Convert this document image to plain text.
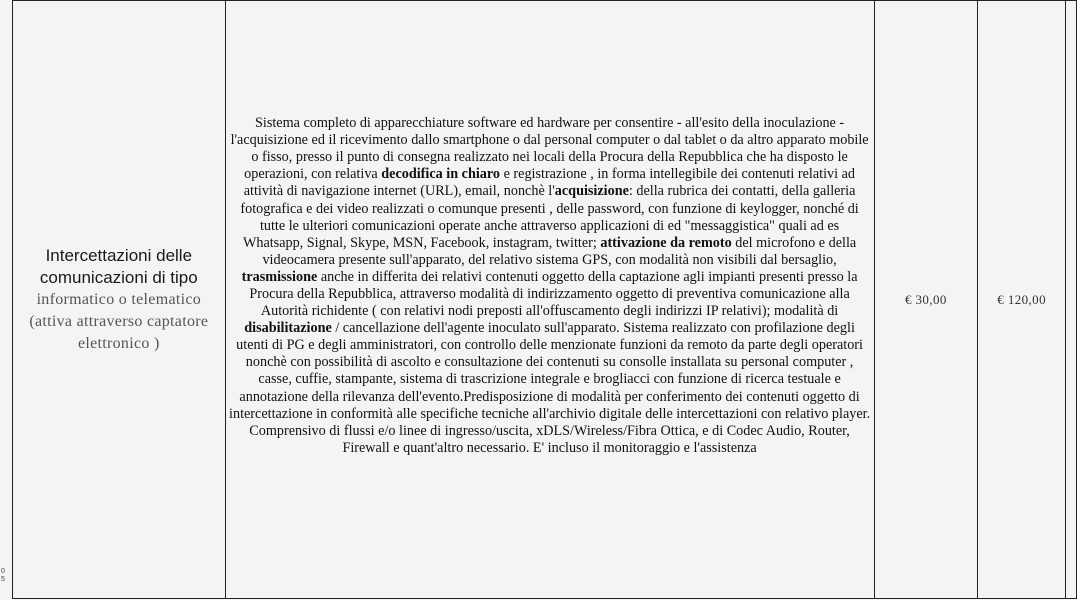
Intercettazioni delle comunicazioni di tipo
informatico o telematico (attiva attraverso captatore elettronico )

Sistema completo di apparecchiature software ed hardware per consentire - all'esito della inoculazione - l'acquisizione ed il ricevimento dallo smartphone o dal personal computer o dal tablet o da altro apparato mobile o fisso, presso il punto di consegna realizzato nei locali della Procura della Repubblica che ha disposto le operazioni, con relativa decodifica in chiaro e registrazione , in forma intellegibile dei contenuti relativi ad attività di navigazione internet (URL), email, nonchè l'acquisizione: della rubrica dei contatti, della galleria fotografica e dei video realizzati o comunque presenti , delle password, con funzione di keylogger, nonché di tutte le ulteriori comunicazioni operate anche attraverso applicazioni di ed "messaggistica" quali ad es Whatsapp, Signal, Skype, MSN, Facebook, instagram, twitter; attivazione da remoto del microfono e della videocamera presente sull'apparato, del relativo sistema GPS, con modalità non visibili dal bersaglio, trasmissione anche in differita dei relativi contenuti oggetto della captazione agli impianti presenti presso la Procura della Repubblica, attraverso modalità di indirizzamento oggetto di preventiva comunicazione alla Autorità richidente ( con relativi nodi preposti all'offuscamento degli indirizzi IP relativi); modalità di disabilitazione / cancellazione dell'agente inoculato sull'apparato. Sistema realizzato con profilazione degli utenti di PG e degli amministratori, con controllo delle menzionate funzioni da remoto da parte degli operatori nonchè con possibilità di ascolto e consultazione dei contenuti su consolle installata su personal computer , casse, cuffie, stampante, sistema di trascrizione integrale e brogliacci con funzione di ricerca testuale e annotazione della rilevanza dell'evento.Predisposizione di modalità per conferimento dei contenuti oggetto di intercettazione in conformità alle specifiche tecniche all'archivio digitale delle intercettazioni con relativo player. Comprensivo di flussi e/o linee di ingresso/uscita, xDLS/Wireless/Fibra Ottica, e di Codec Audio, Router, Firewall e quant'altro necessario. E' incluso il monitoraggio e l'assistenza

€ 30,00	€ 120,00

0
5
